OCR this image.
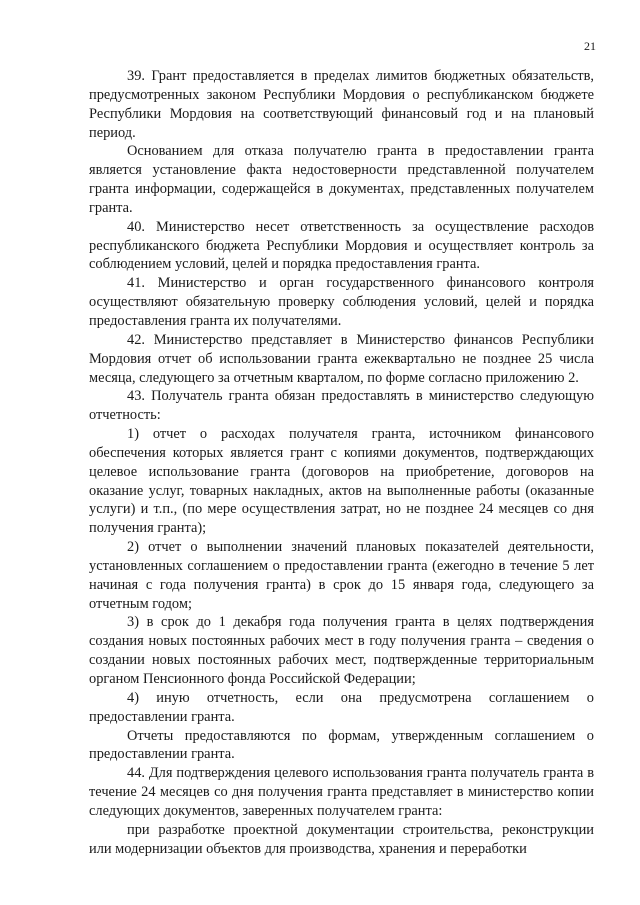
21

39. Грант предоставляется в пределах лимитов бюджетных обязательств, предусмотренных законом Республики Мордовия о республиканском бюджете Республики Мордовия на соответствующий финансовый год и на плановый период.

Основанием для отказа получателю гранта в предоставлении гранта является установление факта недостоверности представленной получателем гранта информации, содержащейся в документах, представленных получателем гранта.

40. Министерство несет ответственность за осуществление расходов республиканского бюджета Республики Мордовия и осуществляет контроль за соблюдением условий, целей и порядка предоставления гранта.

41. Министерство и орган государственного финансового контроля осуществляют обязательную проверку соблюдения условий, целей и порядка предоставления гранта их получателями.

42. Министерство представляет в Министерство финансов Республики Мордовия отчет об использовании гранта ежеквартально не позднее 25 числа месяца, следующего за отчетным кварталом, по форме согласно приложению 2.

43. Получатель гранта обязан предоставлять в министерство следующую отчетность:

1) отчет о расходах получателя гранта, источником финансового обеспечения которых является грант с копиями документов, подтверждающих целевое использование гранта (договоров на приобретение, договоров на оказание услуг, товарных накладных, актов на выполненные работы (оказанные услуги) и т.п., (по мере осуществления затрат, но не позднее 24 месяцев со дня получения гранта);

2) отчет о выполнении значений плановых показателей деятельности, установленных соглашением о предоставлении гранта (ежегодно в течение 5 лет начиная с года получения гранта) в срок до 15 января года, следующего за отчетным годом;

3) в срок до 1 декабря года получения гранта в целях подтверждения создания новых постоянных рабочих мест в году получения гранта – сведения о создании новых постоянных рабочих мест, подтвержденные территориальным органом Пенсионного фонда Российской Федерации;

4) иную отчетность, если она предусмотрена соглашением о предоставлении гранта.

Отчеты предоставляются по формам, утвержденным соглашением о предоставлении гранта.

44. Для подтверждения целевого использования гранта получатель гранта в течение 24 месяцев со дня получения гранта представляет в министерство копии следующих документов, заверенных получателем гранта:

при разработке проектной документации строительства, реконструкции или модернизации объектов для производства, хранения и переработки
